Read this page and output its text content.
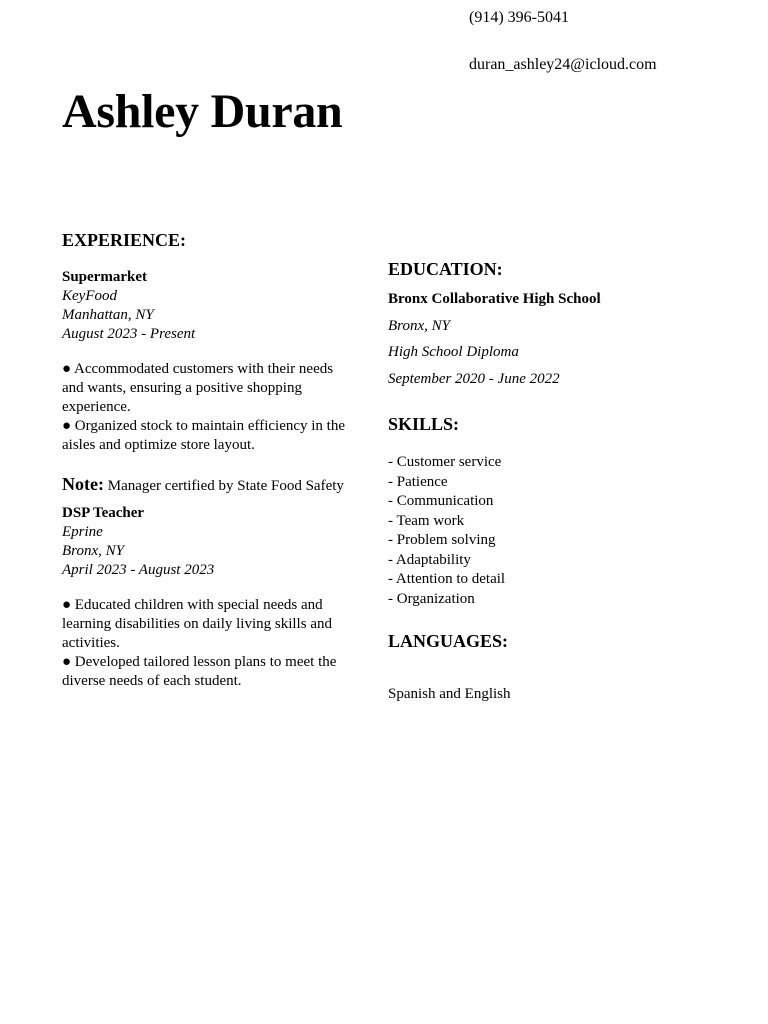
(914) 396-5041
duran_ashley24@icloud.com
Ashley Duran
EXPERIENCE:
Supermarket
KeyFood
Manhattan, NY
August 2023 - Present
● Accommodated customers with their needs and wants, ensuring a positive shopping experience.
● Organized stock to maintain efficiency in the aisles and optimize store layout.
Note: Manager certified by State Food Safety
DSP Teacher
Eprine
Bronx, NY
April 2023 - August 2023
● Educated children with special needs and learning disabilities on daily living skills and activities.
● Developed tailored lesson plans to meet the diverse needs of each student.
EDUCATION:
Bronx Collaborative High School
Bronx, NY
High School Diploma
September 2020 - June 2022
SKILLS:
- Customer service
- Patience
- Communication
- Team work
- Problem solving
- Adaptability
- Attention to detail
- Organization
LANGUAGES:
Spanish and English
